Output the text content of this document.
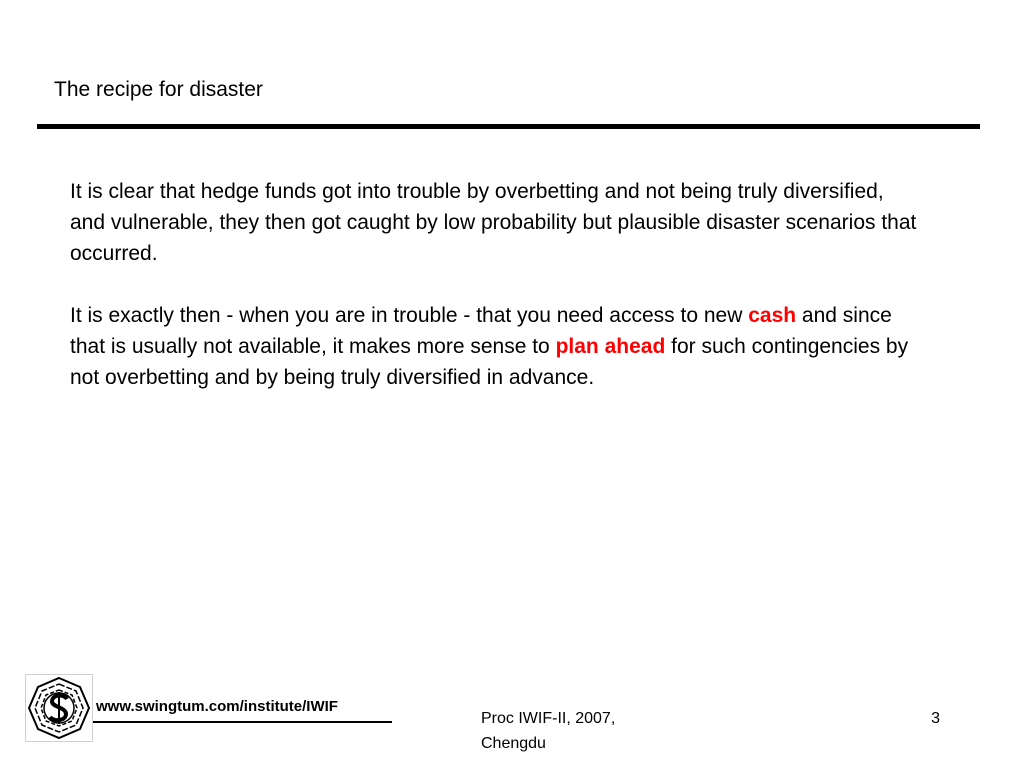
The recipe for disaster

It is clear that hedge funds got into trouble by overbetting and not being truly diversified, and vulnerable, they then got caught by low probability but plausible disaster scenarios that occurred.

It is exactly then - when you are in trouble - that you need access to new cash and since that is usually not available, it makes more sense to plan ahead for such contingencies by not overbetting and by being truly diversified in advance.

www.swingtum.com/institute/IWIF
Proc IWIF-II, 2007, Chengdu
3
